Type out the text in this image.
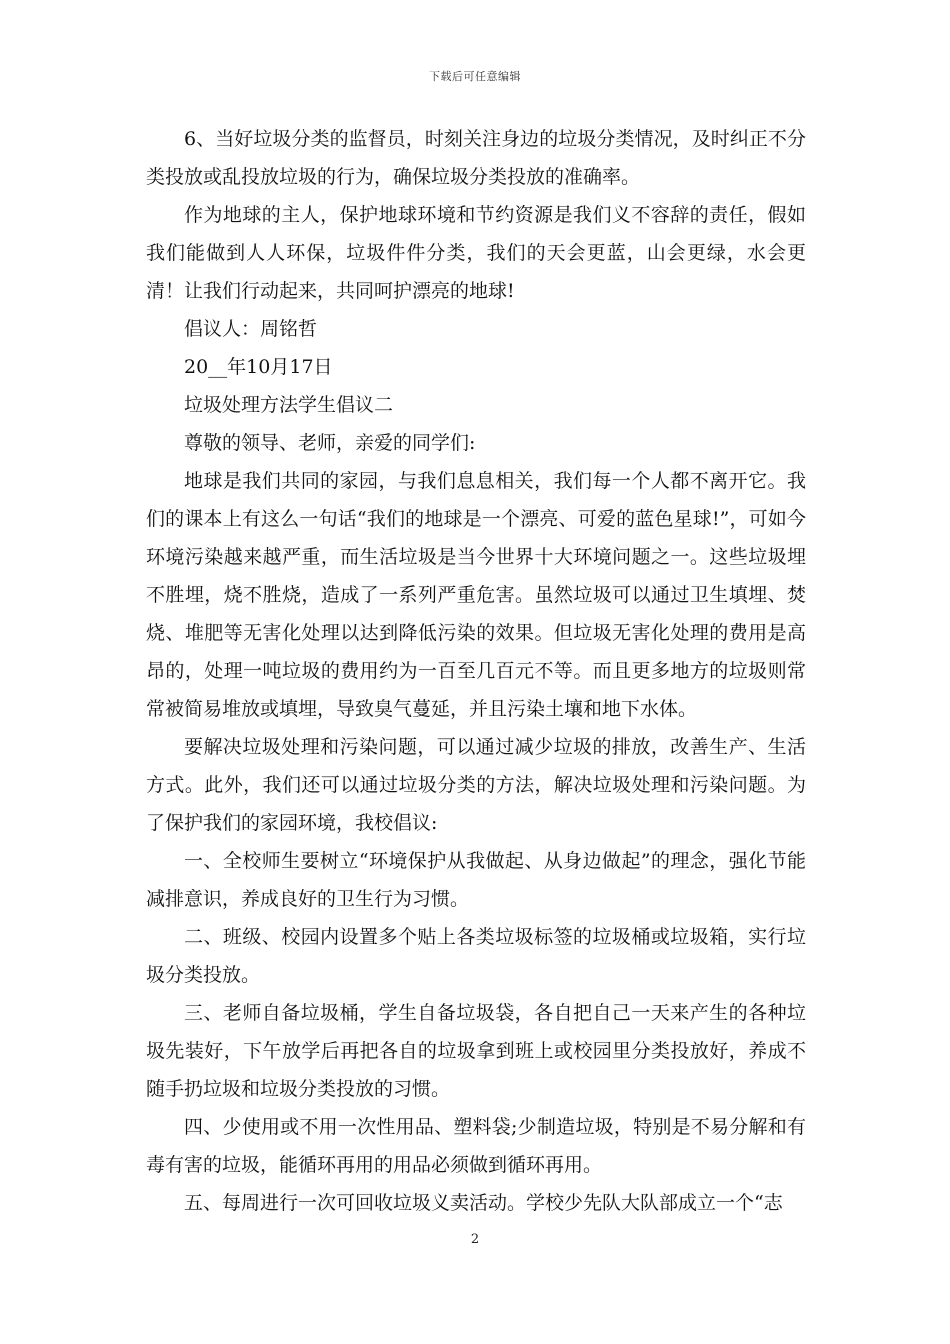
下载后可任意编辑

6、当好垃圾分类的监督员，时刻关注身边的垃圾分类情况，及时纠正不分类投放或乱投放垃圾的行为，确保垃圾分类投放的准确率。

作为地球的主人，保护地球环境和节约资源是我们义不容辞的责任，假如我们能做到人人环保，垃圾件件分类，我们的天会更蓝，山会更绿，水会更清！让我们行动起来，共同呵护漂亮的地球!

倡议人：周铭哲

20__年10月17日

垃圾处理方法学生倡议二

尊敬的领导、老师，亲爱的同学们:

地球是我们共同的家园，与我们息息相关，我们每一个人都不离开它。我们的课本上有这么一句话“我们的地球是一个漂亮、可爱的蓝色星球!”，可如今环境污染越来越严重，而生活垃圾是当今世界十大环境问题之一。这些垃圾埋不胜埋，烧不胜烧，造成了一系列严重危害。虽然垃圾可以通过卫生填埋、焚烧、堆肥等无害化处理以达到降低污染的效果。但垃圾无害化处理的费用是高昂的，处理一吨垃圾的费用约为一百至几百元不等。而且更多地方的垃圾则常常被简易堆放或填埋，导致臭气蔓延，并且污染土壤和地下水体。

要解决垃圾处理和污染问题，可以通过减少垃圾的排放，改善生产、生活方式。此外，我们还可以通过垃圾分类的方法，解决垃圾处理和污染问题。为了保护我们的家园环境，我校倡议:

一、全校师生要树立“环境保护从我做起、从身边做起”的理念，强化节能减排意识，养成良好的卫生行为习惯。

二、班级、校园内设置多个贴上各类垃圾标签的垃圾桶或垃圾箱，实行垃圾分类投放。

三、老师自备垃圾桶，学生自备垃圾袋，各自把自己一天来产生的各种垃圾先装好，下午放学后再把各自的垃圾拿到班上或校园里分类投放好，养成不随手扔垃圾和垃圾分类投放的习惯。

四、少使用或不用一次性用品、塑料袋;少制造垃圾，特别是不易分解和有毒有害的垃圾，能循环再用的用品必须做到循环再用。

五、每周进行一次可回收垃圾义卖活动。学校少先队大队部成立一个“志

2
